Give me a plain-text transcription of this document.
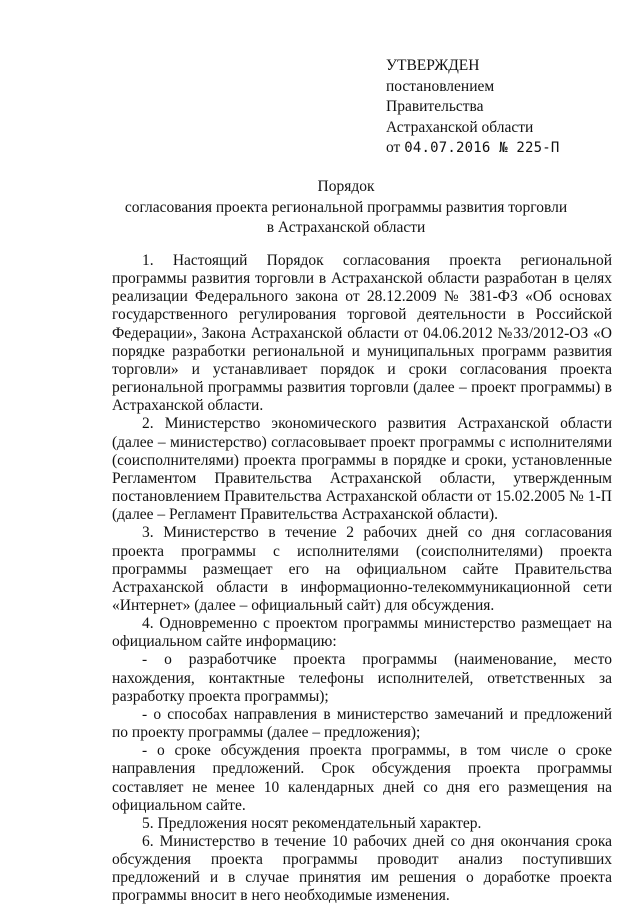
УТВЕРЖДЕН
постановлением
Правительства
Астраханской области
от 04.07.2016 № 225-П
Порядок
согласования проекта региональной программы развития торговли
в Астраханской области

1. Настоящий Порядок согласования проекта региональной программы развития торговли в Астраханской области разработан в целях реализации Федерального закона от 28.12.2009 № 381-ФЗ «Об основах государственного регулирования торговой деятельности в Российской Федерации», Закона Астраханской области от 04.06.2012 №33/2012-ОЗ «О порядке разработки региональной и муниципальных программ развития торговли» и устанавливает порядок и сроки согласования проекта региональной программы развития торговли (далее – проект программы) в Астраханской области.

2. Министерство экономического развития Астраханской области (далее – министерство) согласовывает проект программы с исполнителями (соисполнителями) проекта программы в порядке и сроки, установленные Регламентом Правительства Астраханской области, утвержденным постановлением Правительства Астраханской области от 15.02.2005 № 1-П (далее – Регламент Правительства Астраханской области).

3. Министерство в течение 2 рабочих дней со дня согласования проекта программы с исполнителями (соисполнителями) проекта программы размещает его на официальном сайте Правительства Астраханской области в информационно-телекоммуникационной сети «Интернет» (далее – официальный сайт) для обсуждения.

4. Одновременно с проектом программы министерство размещает на официальном сайте информацию:

- о разработчике проекта программы (наименование, место нахождения, контактные телефоны исполнителей, ответственных за разработку проекта программы);

- о способах направления в министерство замечаний и предложений по проекту программы (далее – предложения);

- о сроке обсуждения проекта программы, в том числе о сроке направления предложений. Срок обсуждения проекта программы составляет не менее 10 календарных дней со дня его размещения на официальном сайте.

5. Предложения носят рекомендательный характер.

6. Министерство в течение 10 рабочих дней со дня окончания срока обсуждения проекта программы проводит анализ поступивших предложений и в случае принятия им решения о доработке проекта программы вносит в него необходимые изменения.
